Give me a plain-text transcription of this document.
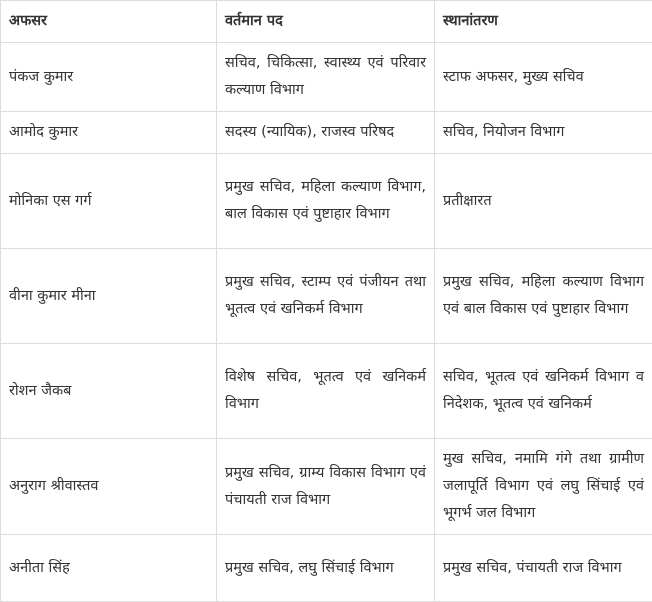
अफसर	वर्तमान पद	स्थानांतरण
पंकज कुमार	सचिव, चिकित्सा, स्वास्थ्य एवं परिवार कल्याण विभाग	स्टाफ अफसर, मुख्य सचिव
आमोद कुमार	सदस्य (न्यायिक), राजस्व परिषद	सचिव, नियोजन विभाग
मोनिका एस गर्ग	प्रमुख सचिव, महिला कल्याण विभाग, बाल विकास एवं पुष्टाहार विभाग	प्रतीक्षारत
वीना कुमार मीना	प्रमुख सचिव, स्टाम्प एवं पंजीयन तथा भूतत्व एवं खनिकर्म विभाग	प्रमुख सचिव, महिला कल्याण विभाग एवं बाल विकास एवं पुष्टाहार विभाग
रोशन जैकब	विशेष सचिव, भूतत्व एवं खनिकर्म विभाग	सचिव, भूतत्व एवं खनिकर्म विभाग व निदेशक, भूतत्व एवं खनिकर्म
अनुराग श्रीवास्तव	प्रमुख सचिव, ग्राम्य विकास विभाग एवं पंचायती राज विभाग	मुख सचिव, नमामि गंगे तथा ग्रामीण जलापूर्ति विभाग एवं लघु सिंचाई एवं भूगर्भ जल विभाग
अनीता सिंह	प्रमुख सचिव, लघु सिंचाई विभाग	प्रमुख सचिव, पंचायती राज विभाग
